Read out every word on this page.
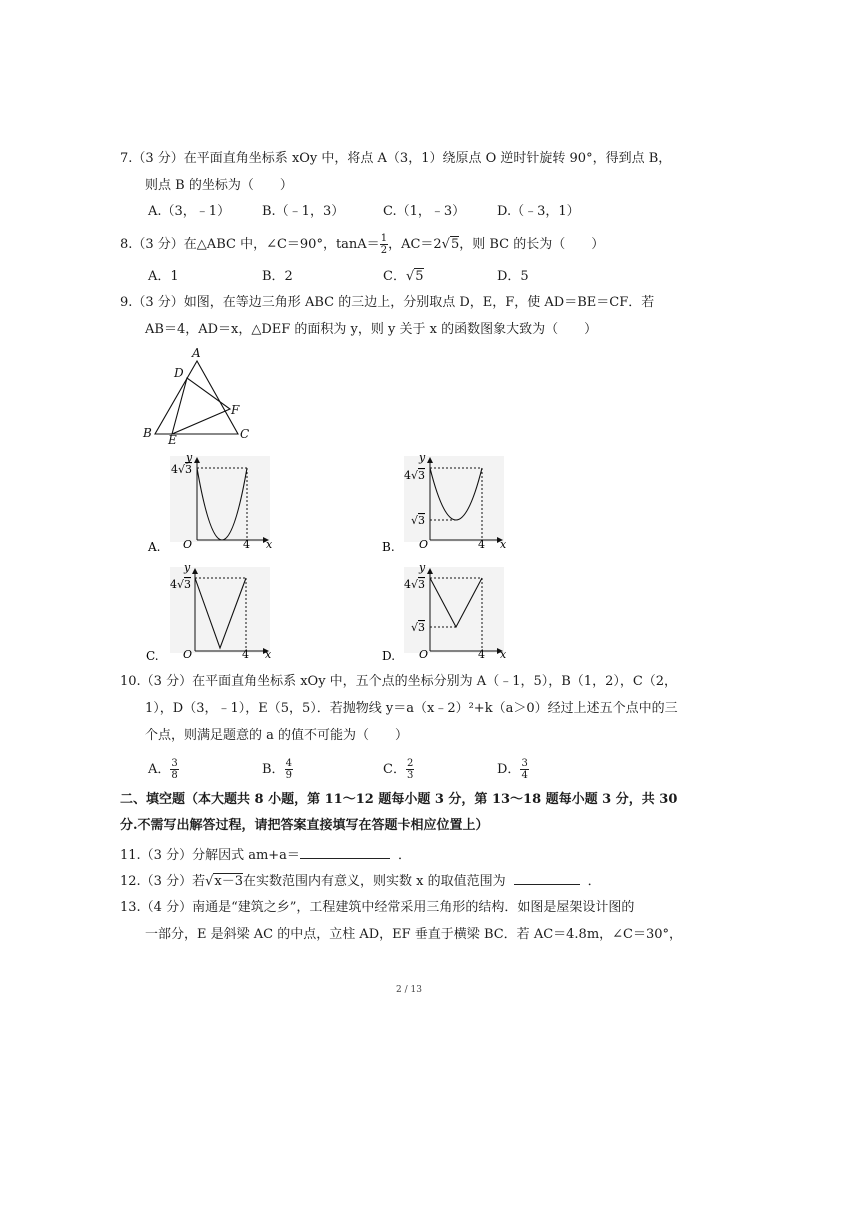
7.（3 分）在平面直角坐标系 xOy 中，将点 A（3，1）绕原点 O 逆时针旋转 90°，得到点 B，
则点 B 的坐标为（　　）
A.（3，﹣1） B.（﹣1，3）	C.（1，﹣3） D.（﹣3，1）
8.（3 分）在△ABC 中，∠C＝90°，$\tan A= \frac{1}{2}$ ，AC＝2√5，则 BC 的长为（　　）
A．1	B．2	C．√5	D．5
9.（3 分）如图，在等边三角形 ABC 的三边上，分别取点 D，E，F，使 AD＝BE＝CF．若
AB＝4，AD＝x，△DEF 的面积为 y，则 y 关于 x 的函数图象大致为（　　）
A
D
F
B E	C
A.
y
O	4 x
4 √ 3
B.
y
O	4 x
4 √ 3
√ 3
C.
y
O	4 x
4 √ 3
D.
y
O	4 x
4 √ 3
√ 3
10.（3 分）在平面直角坐标系 xOy 中，五个点的坐标分别为 A（﹣1，5），B（1，2），C（2，
1），D（3，﹣1），E（5，5）．若抛物线 y＝a（x﹣2）²+k（a＞0）经过上述五个点中的三
个点，则满足题意的 a 的值不可能为（　　）
A． $\frac{3}{8}$	B． $\frac{4}{9}$	C． $\frac{2}{3}$	D． $\frac{3}{4}$
二、填空题（本大题共 8 小题，第 11～12 题每小题 3 分，第 13～18 题每小题 3 分，共 30
分.不需写出解答过程，请把答案直接填写在答题卡相应位置上）
11.（3 分）分解因式 am+a＝	．
12.（3 分）若√x－3在实数范围内有意义，则实数 x 的取值范围为	．
13.（4 分）南通是“建筑之乡”，工程建筑中经常采用三角形的结构．如图是屋架设计图的
一部分，E 是斜梁 AC 的中点，立柱 AD，EF 垂直于横梁 BC．若 AC＝4.8m，∠C＝30°，
2 / 13
